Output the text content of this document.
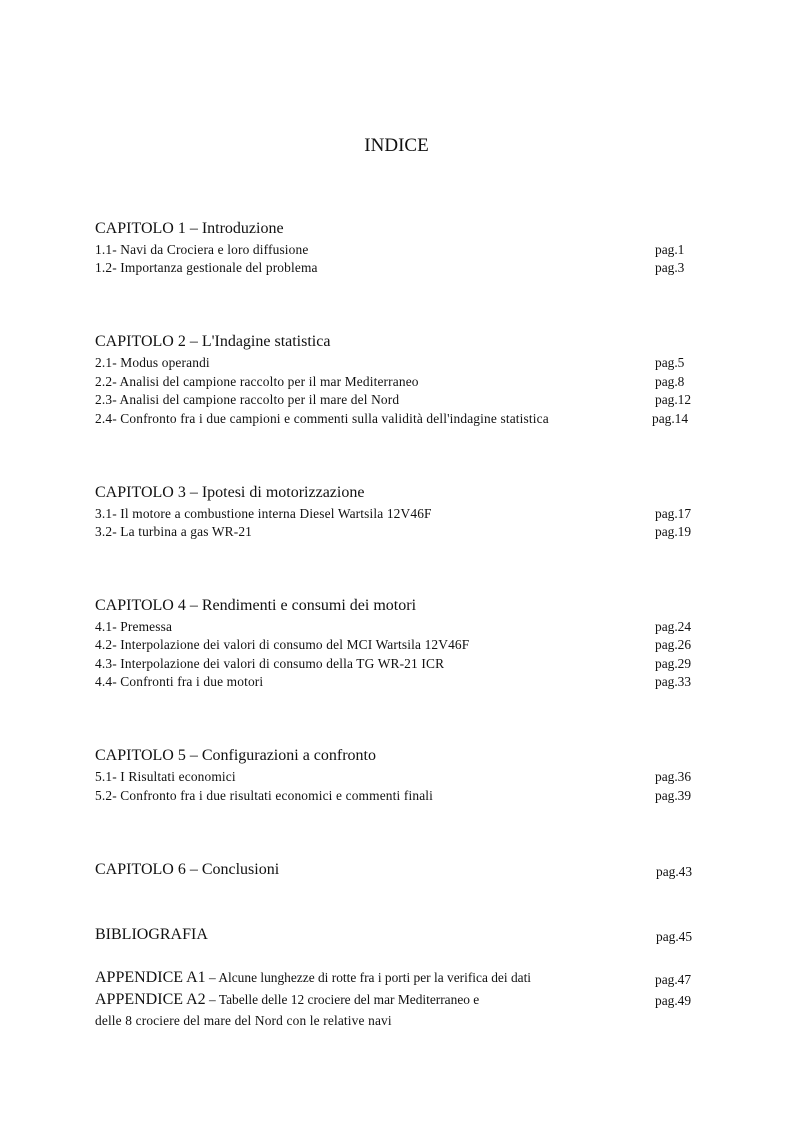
INDICE
CAPITOLO 1 – Introduzione
1.1- Navi da Crociera e loro diffusione	pag.1
1.2- Importanza gestionale del problema	pag.3
CAPITOLO 2 – L'Indagine statistica
2.1- Modus operandi	pag.5
2.2- Analisi del campione raccolto per il mar Mediterraneo	pag.8
2.3- Analisi del campione raccolto per il mare del Nord	pag.12
2.4- Confronto fra i due campioni e commenti sulla validità dell'indagine statistica	pag.14
CAPITOLO 3 – Ipotesi di motorizzazione
3.1- Il motore a combustione interna Diesel Wartsila 12V46F	pag.17
3.2- La turbina a gas WR-21	pag.19
CAPITOLO 4 – Rendimenti e consumi dei motori
4.1- Premessa	pag.24
4.2- Interpolazione dei valori di consumo del MCI Wartsila 12V46F	pag.26
4.3- Interpolazione dei valori di consumo della TG WR-21 ICR	pag.29
4.4- Confronti fra i due motori	pag.33
CAPITOLO 5 – Configurazioni a confronto
5.1- I Risultati economici	pag.36
5.2- Confronto fra i due risultati economici e commenti finali	pag.39
CAPITOLO 6 – Conclusioni	pag.43
BIBLIOGRAFIA	pag.45
APPENDICE A1 – Alcune lunghezze di rotte fra i porti per la verifica dei dati	pag.47
APPENDICE A2 – Tabelle delle 12 crociere del mar Mediterraneo e	pag.49
delle 8 crociere del mare del Nord con le relative navi
